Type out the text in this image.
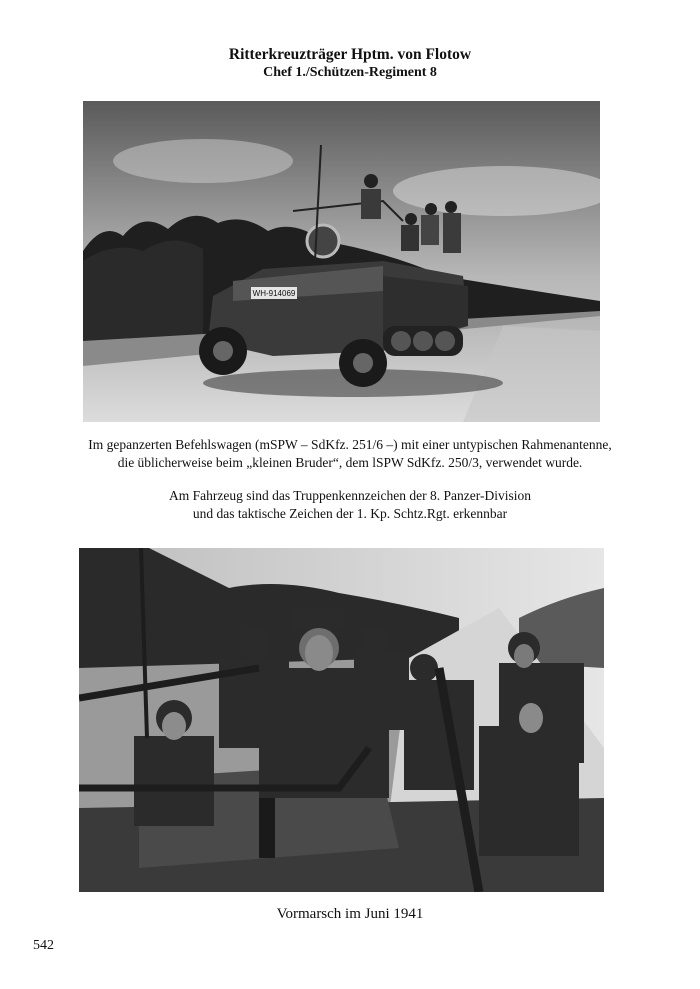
Ritterkreuzträger Hptm. von Flotow
Chef 1./Schützen-Regiment 8
WH-914069
Im gepanzerten Befehlswagen (mSPW – SdKfz. 251/6 –) mit einer untypischen Rahmenantenne,
die üblicherweise beim „kleinen Bruder“, dem lSPW SdKfz. 250/3, verwendet wurde.
Am Fahrzeug sind das Truppenkennzeichen der 8. Panzer-Division
und das taktische Zeichen der 1. Kp. Schtz.Rgt. erkennbar
Vormarsch im Juni 1941
542
